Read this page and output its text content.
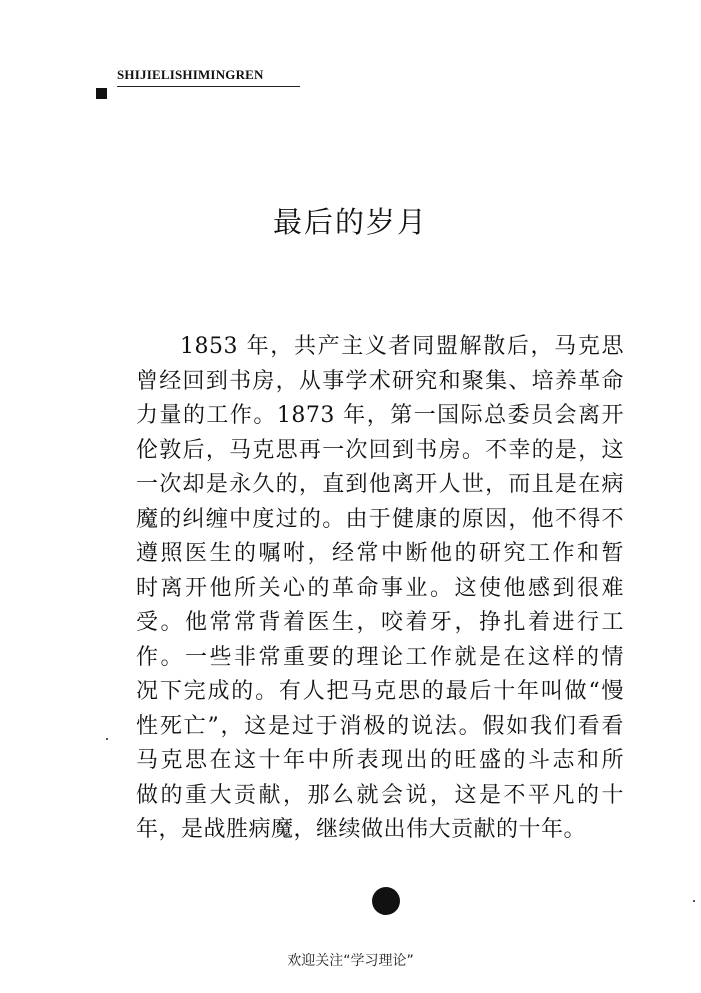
SHIJIELISHIMINGREN
最后的岁月
1853 年，共产主义者同盟解散后，马克思
曾经回到书房，从事学术研究和聚集、培养革命
力量的工作。1873 年，第一国际总委员会离开
伦敦后，马克思再一次回到书房。不幸的是，这
一次却是永久的，直到他离开人世，而且是在病
魔的纠缠中度过的。由于健康的原因，他不得不
遵照医生的嘱咐，经常中断他的研究工作和暂
时离开他所关心的革命事业。这使他感到很难
受。他常常背着医生，咬着牙，挣扎着进行工
作。一些非常重要的理论工作就是在这样的情
况下完成的。有人把马克思的最后十年叫做“慢
性死亡”，这是过于消极的说法。假如我们看看
马克思在这十年中所表现出的旺盛的斗志和所
做的重大贡献，那么就会说，这是不平凡的十
年，是战胜病魔，继续做出伟大贡献的十年。
欢迎关注“学习理论”
